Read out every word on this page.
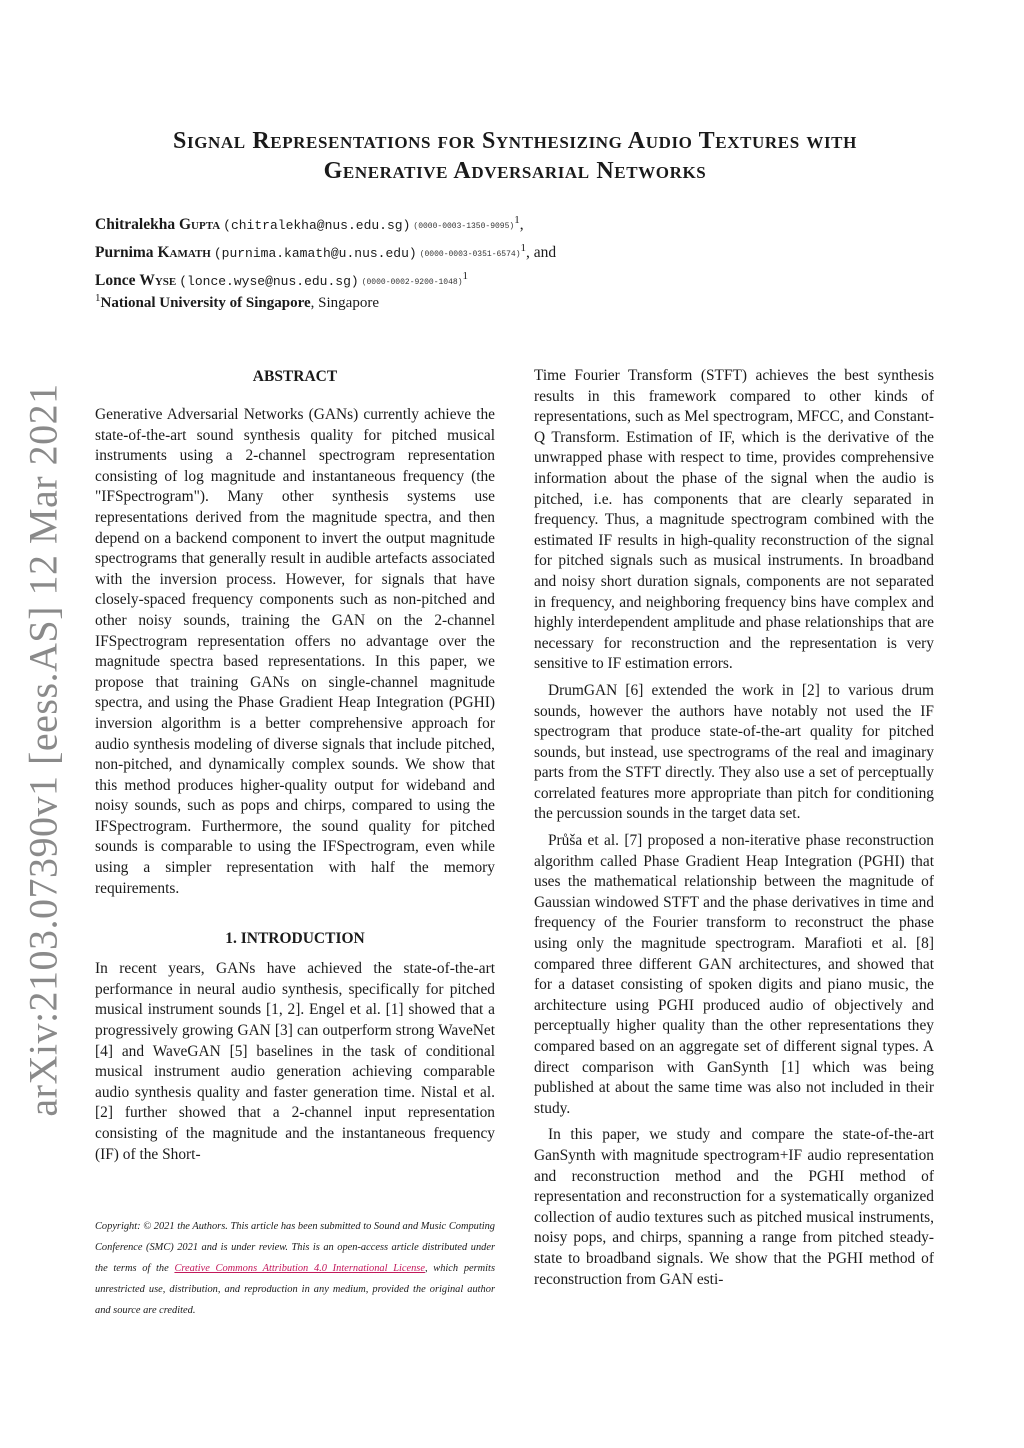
arXiv:2103.07390v1 [eess.AS] 12 Mar 2021
Signal Representations for Synthesizing Audio Textures with
Generative Adversarial Networks
Chitralekha Gupta (chitralekha@nus.edu.sg) $(0000-0003-1350-9095)^1$,
Purnima Kamath (purnima.kamath@u.nus.edu) $(0000-0003-0351-6574)^1$, and
Lonce Wyse (lonce.wyse@nus.edu.sg) $(0000-0002-9200-1048)^1$
$^1$National University of Singapore, Singapore
ABSTRACT

Generative Adversarial Networks (GANs) currently achieve the state-of-the-art sound synthesis quality for pitched musical instruments using a 2-channel spectrogram representation consisting of log magnitude and instantaneous frequency (the "IFSpectrogram"). Many other synthesis systems use representations derived from the magnitude spectra, and then depend on a backend component to invert the output magnitude spectrograms that generally result in audible artefacts associated with the inversion process. However, for signals that have closely-spaced frequency components such as non-pitched and other noisy sounds, training the GAN on the 2-channel IFSpectrogram representation offers no advantage over the magnitude spectra based representations. In this paper, we propose that training GANs on single-channel magnitude spectra, and using the Phase Gradient Heap Integration (PGHI) inversion algorithm is a better comprehensive approach for audio synthesis modeling of diverse signals that include pitched, non-pitched, and dynamically complex sounds. We show that this method produces higher-quality output for wideband and noisy sounds, such as pops and chirps, compared to using the IFSpectrogram. Furthermore, the sound quality for pitched sounds is comparable to using the IFSpectrogram, even while using a simpler representation with half the memory requirements.

1. INTRODUCTION

In recent years, GANs have achieved the state-of-the-art performance in neural audio synthesis, specifically for pitched musical instrument sounds [1, 2]. Engel et al. [1] showed that a progressively growing GAN [3] can outperform strong WaveNet [4] and WaveGAN [5] baselines in the task of conditional musical instrument audio generation achieving comparable audio synthesis quality and faster generation time. Nistal et al. [2] further showed that a 2-channel input representation consisting of the magnitude and the instantaneous frequency (IF) of the Short-

Time Fourier Transform (STFT) achieves the best synthesis results in this framework compared to other kinds of representations, such as Mel spectrogram, MFCC, and Constant-Q Transform. Estimation of IF, which is the derivative of the unwrapped phase with respect to time, provides comprehensive information about the phase of the signal when the audio is pitched, i.e. has components that are clearly separated in frequency. Thus, a magnitude spectrogram combined with the estimated IF results in high-quality reconstruction of the signal for pitched signals such as musical instruments. In broadband and noisy short duration signals, components are not separated in frequency, and neighboring frequency bins have complex and highly interdependent amplitude and phase relationships that are necessary for reconstruction and the representation is very sensitive to IF estimation errors.

DrumGAN [6] extended the work in [2] to various drum sounds, however the authors have notably not used the IF spectrogram that produce state-of-the-art quality for pitched sounds, but instead, use spectrograms of the real and imaginary parts from the STFT directly. They also use a set of perceptually correlated features more appropriate than pitch for conditioning the percussion sounds in the target data set.

Průša et al. [7] proposed a non-iterative phase reconstruction algorithm called Phase Gradient Heap Integration (PGHI) that uses the mathematical relationship between the magnitude of Gaussian windowed STFT and the phase derivatives in time and frequency of the Fourier transform to reconstruct the phase using only the magnitude spectrogram. Marafioti et al. [8] compared three different GAN architectures, and showed that for a dataset consisting of spoken digits and piano music, the architecture using PGHI produced audio of objectively and perceptually higher quality than the other representations they compared based on an aggregate set of different signal types. A direct comparison with GanSynth [1] which was being published at about the same time was also not included in their study.

In this paper, we study and compare the state-of-the-art GanSynth with magnitude spectrogram+IF audio representation and reconstruction method and the PGHI method of representation and reconstruction for a systematically organized collection of audio textures such as pitched musical instruments, noisy pops, and chirps, spanning a range from pitched steady-state to broadband signals. We show that the PGHI method of reconstruction from GAN esti-

Copyright: © 2021 the Authors. This article has been submitted to Sound and Music Computing Conference (SMC) 2021 and is under review. This is an open-access article distributed under the terms of the Creative Commons Attribution 4.0 International License, which permits unrestricted use, distribution, and reproduction in any medium, provided the original author and source are credited.
